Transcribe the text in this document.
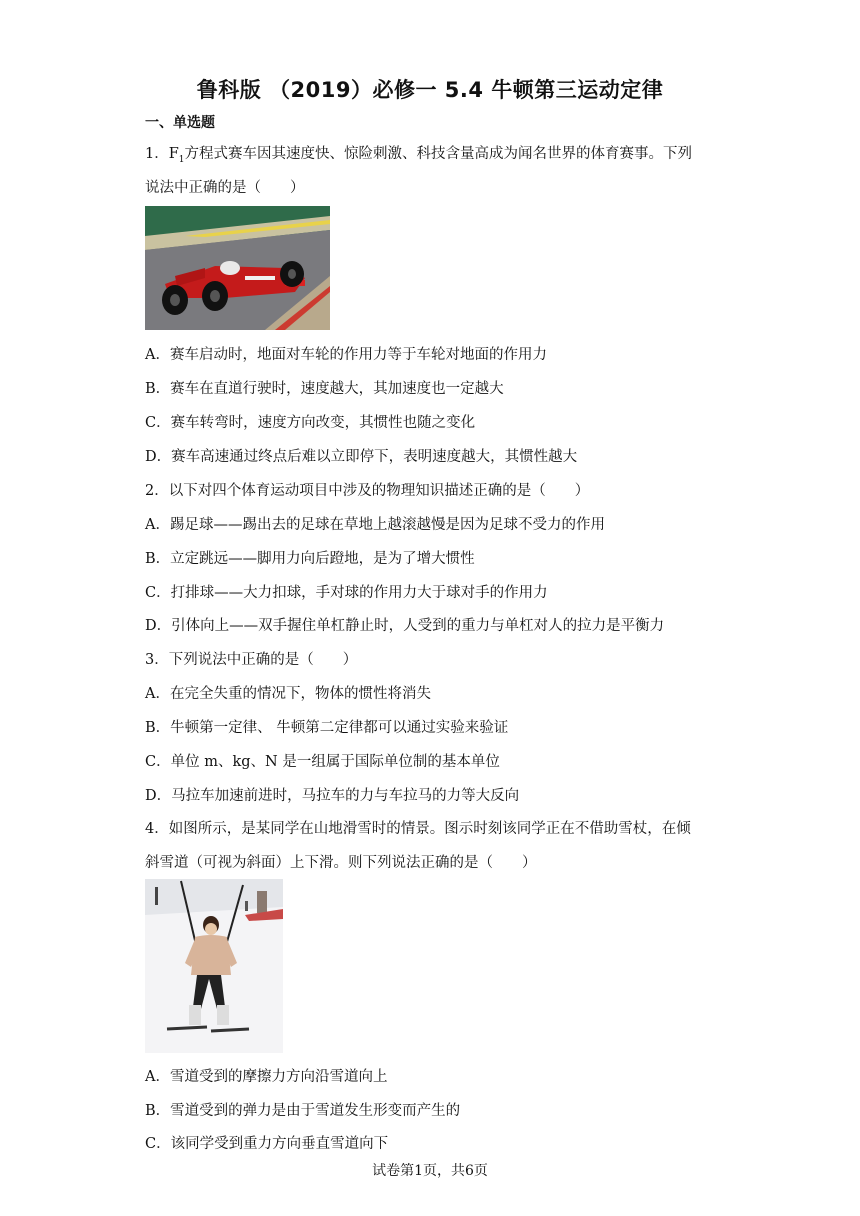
鲁科版 （2019）必修一 5.4 牛顿第三运动定律
一、单选题
1．$F_1$方程式赛车因其速度快、惊险刺激、科技含量高成为闻名世界的体育赛事。下列
说法中正确的是（　　）
A．赛车启动时，地面对车轮的作用力等于车轮对地面的作用力
B．赛车在直道行驶时，速度越大，其加速度也一定越大
C．赛车转弯时，速度方向改变，其惯性也随之变化
D．赛车高速通过终点后难以立即停下，表明速度越大，其惯性越大
2．以下对四个体育运动项目中涉及的物理知识描述正确的是（　　）
A．踢足球——踢出去的足球在草地上越滚越慢是因为足球不受力的作用
B．立定跳远——脚用力向后蹬地，是为了增大惯性
C．打排球——大力扣球，手对球的作用力大于球对手的作用力
D．引体向上——双手握住单杠静止时，人受到的重力与单杠对人的拉力是平衡力
3．下列说法中正确的是（　　）
A．在完全失重的情况下，物体的惯性将消失
B．牛顿第一定律、 牛顿第二定律都可以通过实验来验证
C．单位 m、kg、N 是一组属于国际单位制的基本单位
D．马拉车加速前进时，马拉车的力与车拉马的力等大反向
4．如图所示，是某同学在山地滑雪时的情景。图示时刻该同学正在不借助雪杖，在倾
斜雪道（可视为斜面）上下滑。则下列说法正确的是（　　）
A．雪道受到的摩擦力方向沿雪道向上
B．雪道受到的弹力是由于雪道发生形变而产生的
C．该同学受到重力方向垂直雪道向下
试卷第1页，共6页
